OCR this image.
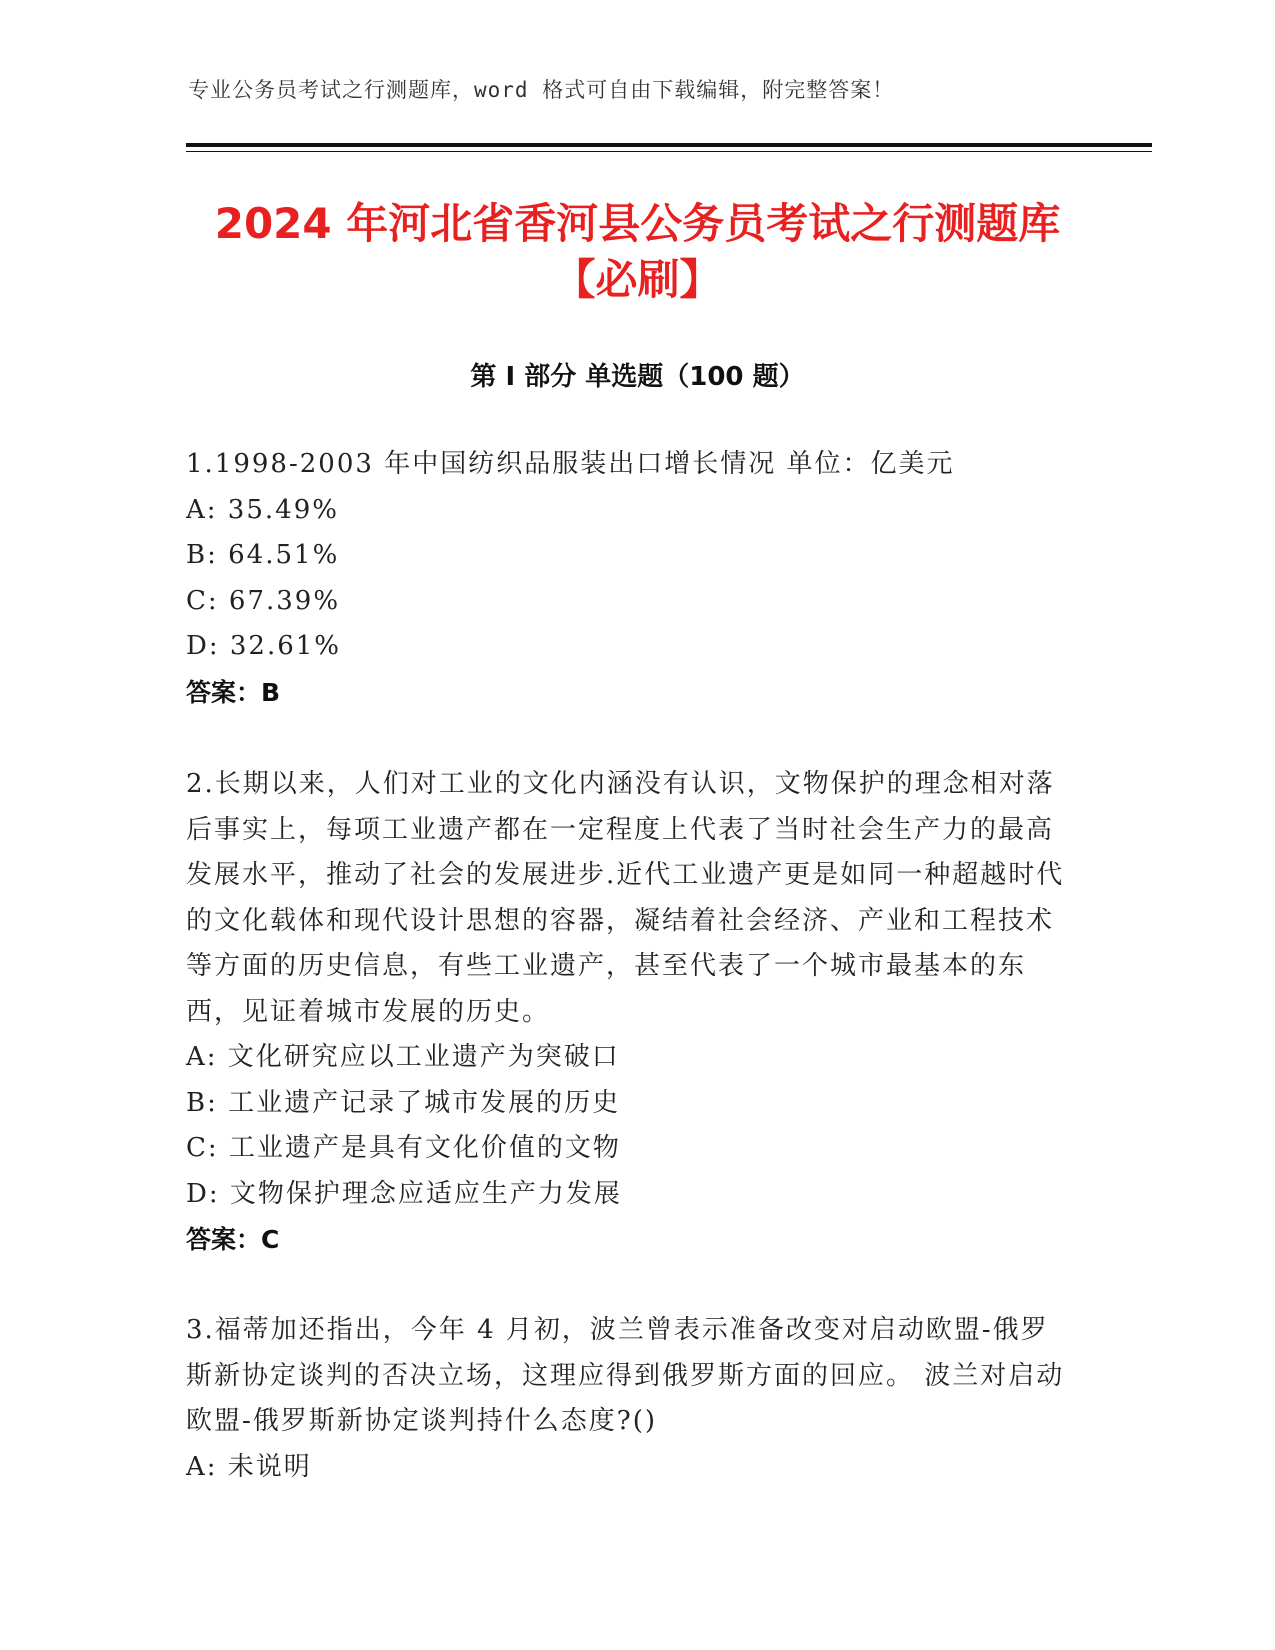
专业公务员考试之行测题库，word 格式可自由下载编辑，附完整答案！
2024 年河北省香河县公务员考试之行测题库
【必刷】
第 I 部分 单选题（100 题）
1.1998-2003 年中国纺织品服装出口增长情况 单位：亿美元
A: 35.49%
B: 64.51%
C: 67.39%
D: 32.61%
答案：B
2.长期以来，人们对工业的文化内涵没有认识，文物保护的理念相对落后事实上，每项工业遗产都在一定程度上代表了当时社会生产力的最高发展水平，推动了社会的发展进步.近代工业遗产更是如同一种超越时代的文化载体和现代设计思想的容器，凝结着社会经济、产业和工程技术等方面的历史信息，有些工业遗产，甚至代表了一个城市最基本的东西，见证着城市发展的历史。
A: 文化研究应以工业遗产为突破口
B: 工业遗产记录了城市发展的历史
C: 工业遗产是具有文化价值的文物
D: 文物保护理念应适应生产力发展
答案：C
3.福蒂加还指出，今年 4 月初，波兰曾表示准备改变对启动欧盟-俄罗斯新协定谈判的否决立场，这理应得到俄罗斯方面的回应。 波兰对启动欧盟-俄罗斯新协定谈判持什么态度?()
A: 未说明
